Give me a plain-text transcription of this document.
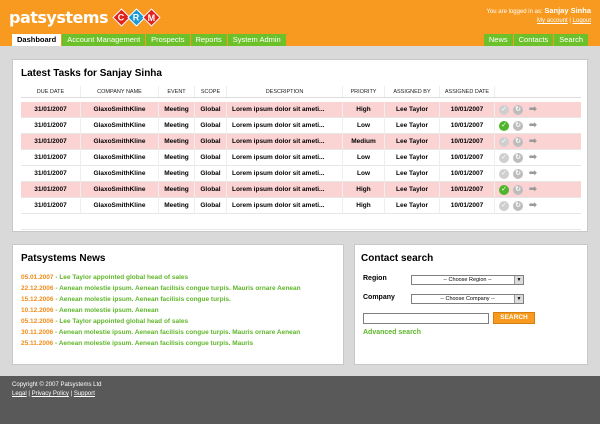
patsystems C R M	You are logged in as: Sanjay Sinha
My account | Logout
Dashboard	Account Management	Prospects	Reports	System Admin	News	Contacts	Search
Latest Tasks for Sanjay Sinha
DUE DATE	COMPANY NAME	EVENT	SCOPE	DESCRIPTION	PRIORITY	ASSIGNED BY	ASSIGNED DATE
31/01/2007	GlaxoSmithKline	Meeting	Global	Lorem ipsum dolor sit ameti...	High	Lee Taylor	10/01/2007	✓ ↻ ➡
31/01/2007	GlaxoSmithKline	Meeting	Global	Lorem ipsum dolor sit ameti...	Low	Lee Taylor	10/01/2007	✓ ↻ ➡
31/01/2007	GlaxoSmithKline	Meeting	Global	Lorem ipsum dolor sit ameti...	Medium	Lee Taylor	10/01/2007	✓ ↻ ➡
31/01/2007	GlaxoSmithKline	Meeting	Global	Lorem ipsum dolor sit ameti...	Low	Lee Taylor	10/01/2007	✓ ↻ ➡
31/01/2007	GlaxoSmithKline	Meeting	Global	Lorem ipsum dolor sit ameti...	Low	Lee Taylor	10/01/2007	✓ ↻ ➡
31/01/2007	GlaxoSmithKline	Meeting	Global	Lorem ipsum dolor sit ameti...	High	Lee Taylor	10/01/2007	✓ ↻ ➡
31/01/2007	GlaxoSmithKline	Meeting	Global	Lorem ipsum dolor sit ameti...	High	Lee Taylor	10/01/2007	✓ ↻ ➡
Patsystems News
05.01.2007 - Lee Taylor appointed global head of sales
22.12.2006 - Aenean molestie ipsum. Aenean facilisis congue turpis. Mauris ornare Aenean
15.12.2006 - Aenean molestie ipsum. Aenean facilisis congue turpis.
10.12.2006 - Aenean molestie ipsum. Aenean
05.12.2006 - Lee Taylor appointed global head of sales
30.11.2006 - Aenean molestie ipsum. Aenean facilisis congue turpis. Mauris ornare Aenean
25.11.2006 - Aenean molestie ipsum. Aenean facilisis congue turpis. Mauris
Contact search
Region	-- Choose Region --	▼
Company	-- Choose Company --	▼
SEARCH
Advanced search
Copyright © 2007 Patsystems Ltd
Legal | Privacy Policy | Support
